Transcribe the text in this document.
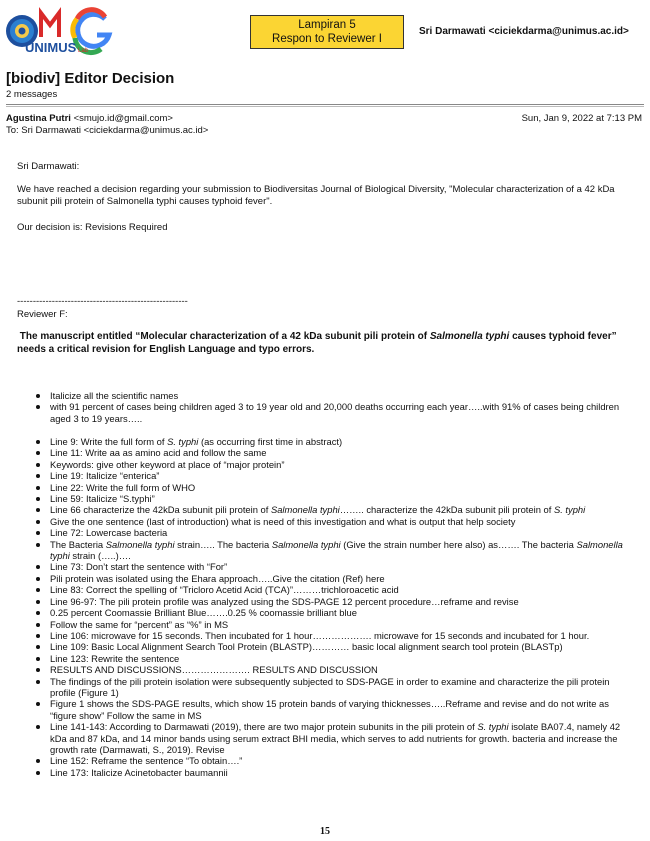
UNIMUS Lab
Lampiran 5
Respon to Reviewer I
Sri Darmawati <ciciekdarma@unimus.ac.id>
[biodiv] Editor Decision
2 messages
Agustina Putri <smujo.id@gmail.com>	Sun, Jan 9, 2022 at 7:13 PM
To: Sri Darmawati <ciciekdarma@unimus.ac.id>
Sri Darmawati:
We have reached a decision regarding your submission to Biodiversitas Journal of Biological Diversity, "Molecular characterization of a 42 kDa subunit pili protein of Salmonella typhi causes typhoid fever".
Our decision is: Revisions Required
------------------------------------------------------
Reviewer F:
The manuscript entitled “Molecular characterization of a 42 kDa subunit pili protein of Salmonella typhi causes typhoid fever” needs a critical revision for English Language and typo errors.
Italicize all the scientific names
with 91 percent of cases being children aged 3 to 19 year old and 20,000 deaths occurring each year…..with 91% of cases being children aged 3 to 19 years…..
Line 9: Write the full form of S. typhi (as occurring first time in abstract)
Line 11: Write aa as amino acid and follow the same
Keywords: give other keyword at place of “major protein”
Line 19: Italicize “enterica”
Line 22: Write the full form of WHO
Line 59: Italicize “S.typhi”
Line 66 characterize the 42kDa subunit pili protein of Salmonella typhi…….. characterize the 42kDa subunit pili protein of S. typhi
Give the one sentence (last of introduction) what is need of this investigation and what is output that help society
Line 72: Lowercase bacteria
The Bacteria Salmonella typhi strain….. The bacteria Salmonella typhi (Give the strain number here also) as……. The bacteria Salmonella typhi strain (…..)….
Line 73: Don’t start the sentence with “For”
Pili protein was isolated using the Ehara approach…..Give the citation (Ref) here
Line 83: Correct the spelling of “Tricloro Acetid Acid (TCA)”………trichloroacetic acid
Line 96-97: The pili protein profile was analyzed using the SDS-PAGE 12 percent procedure…reframe and revise
0.25 percent Coomassie Brilliant Blue…….0.25 % coomassie brilliant blue
Follow the same for “percent” as “%” in MS
Line 106: microwave for 15 seconds. Then incubated for 1 hour………………. microwave for 15 seconds and incubated for 1 hour.
Line 109: Basic Local Alignment Search Tool Protein (BLASTP)………… basic local alignment search tool protein (BLASTp)
Line 123: Rewrite the sentence
RESULTS AND DISCUSSIONS…………………. RESULTS AND DISCUSSION
The findings of the pili protein isolation were subsequently subjected to SDS-PAGE in order to examine and characterize the pili protein profile (Figure 1)
Figure 1 shows the SDS-PAGE results, which show 15 protein bands of varying thicknesses…..Reframe and revise and do not write as “figure show” Follow the same in MS
Line 141-143: According to Darmawati (2019), there are two major protein subunits in the pili protein of S. typhi isolate BA07.4, namely 42 kDa and 87 kDa, and 14 minor bands using serum extract BHI media, which serves to add nutrients for growth. bacteria and increase the growth rate (Darmawati, S., 2019). Revise
Line 152: Reframe the sentence “To obtain….”
Line 173: Italicize Acinetobacter baumannii
15
